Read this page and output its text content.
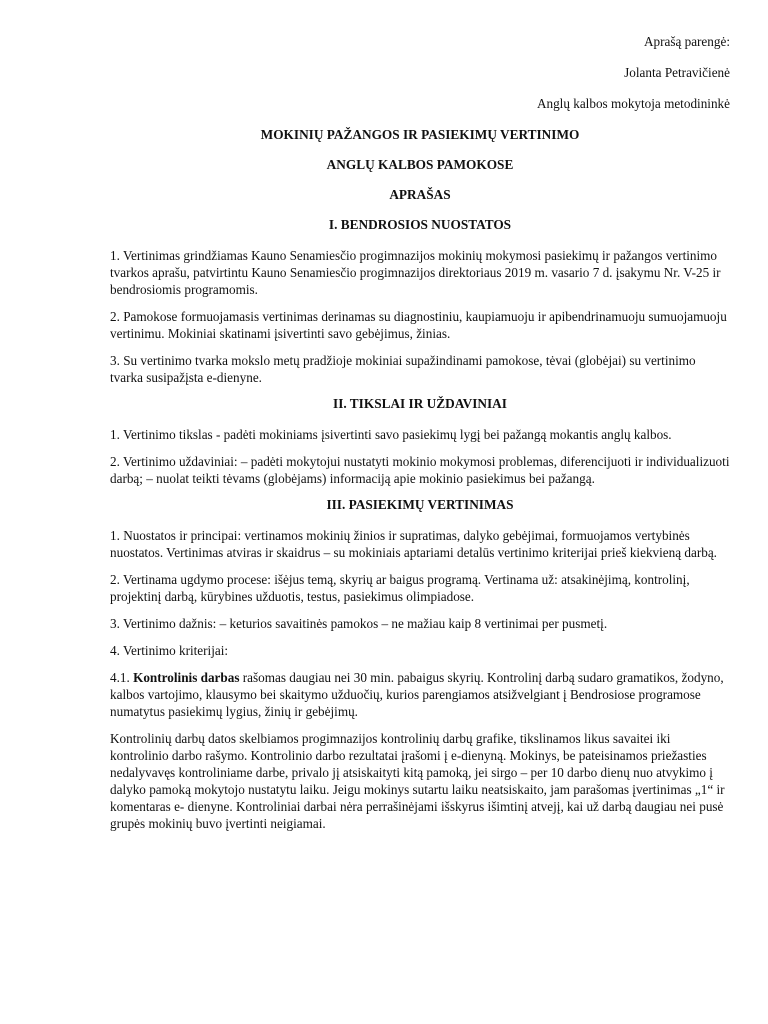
Aprašą parengė:
Jolanta Petravičienė
Anglų kalbos mokytoja metodininkė
MOKINIŲ PAŽANGOS IR PASIEKIMŲ VERTINIMO
ANGLŲ KALBOS PAMOKOSE
APRAŠAS
I. BENDROSIOS NUOSTATOS

1. Vertinimas grindžiamas Kauno Senamiesčio progimnazijos mokinių mokymosi pasiekimų ir pažangos vertinimo tvarkos aprašu, patvirtintu Kauno Senamiesčio progimnazijos direktoriaus 2019 m. vasario 7 d. įsakymu Nr. V-25 ir bendrosiomis programomis.

2. Pamokose formuojamasis vertinimas derinamas su diagnostiniu, kaupiamuoju ir apibendrinamuoju sumuojamuoju vertinimu. Mokiniai skatinami įsivertinti savo gebėjimus, žinias.

3. Su vertinimo tvarka mokslo metų pradžioje mokiniai supažindinami pamokose, tėvai (globėjai) su vertinimo tvarka susipažįsta e-dienyne.

II. TIKSLAI IR UŽDAVINIAI

1. Vertinimo tikslas - padėti mokiniams įsivertinti savo pasiekimų lygį bei pažangą mokantis anglų kalbos.

2. Vertinimo uždaviniai: – padėti mokytojui nustatyti mokinio mokymosi problemas, diferencijuoti ir individualizuoti darbą; – nuolat teikti tėvams (globėjams) informaciją apie mokinio pasiekimus bei pažangą.

III. PASIEKIMŲ VERTINIMAS

1. Nuostatos ir principai: vertinamos mokinių žinios ir supratimas, dalyko gebėjimai, formuojamos vertybinės nuostatos. Vertinimas atviras ir skaidrus – su mokiniais aptariami detalūs vertinimo kriterijai prieš kiekvieną darbą.

2. Vertinama ugdymo procese: išėjus temą, skyrių ar baigus programą. Vertinama už: atsakinėjimą, kontrolinį, projektinį darbą, kūrybines užduotis, testus, pasiekimus olimpiadose.

3. Vertinimo dažnis: – keturios savaitinės pamokos – ne mažiau kaip 8 vertinimai per pusmetį.

4. Vertinimo kriterijai:

4.1. Kontrolinis darbas rašomas daugiau nei 30 min. pabaigus skyrių. Kontrolinį darbą sudaro gramatikos, žodyno, kalbos vartojimo, klausymo bei skaitymo užduočių, kurios parengiamos atsižvelgiant į Bendrosiose programose numatytus pasiekimų lygius, žinių ir gebėjimų.

Kontrolinių darbų datos skelbiamos progimnazijos kontrolinių darbų grafike, tikslinamos likus savaitei iki kontrolinio darbo rašymo. Kontrolinio darbo rezultatai įrašomi į e-dienyną. Mokinys, be pateisinamos priežasties nedalyvavęs kontroliniame darbe, privalo jį atsiskaityti kitą pamoką, jei sirgo – per 10 darbo dienų nuo atvykimo į dalyko pamoką mokytojo nustatytu laiku. Jeigu mokinys sutartu laiku neatsiskaito, jam parašomas įvertinimas „1“ ir komentaras e- dienyne. Kontroliniai darbai nėra perrašinėjami išskyrus išimtinį atvejį, kai už darbą daugiau nei pusė grupės mokinių buvo įvertinti neigiamai.
